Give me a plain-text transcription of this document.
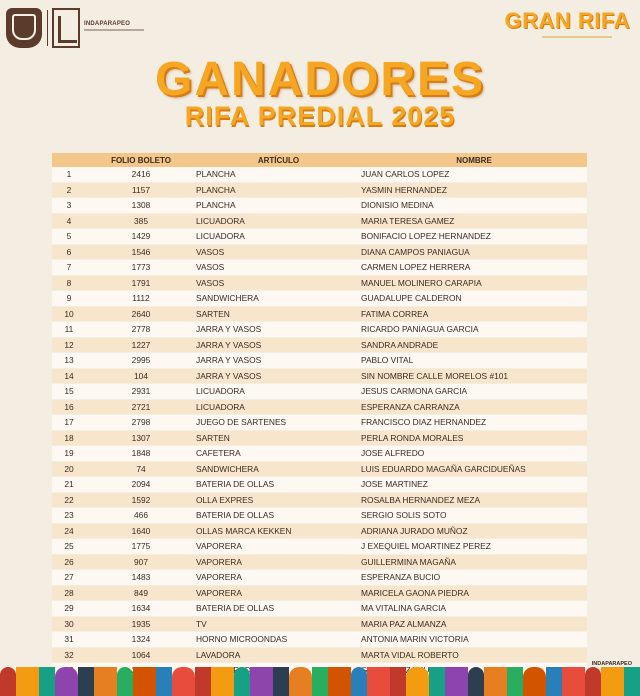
INDAPARAPEO	GRAN RIFA
GANADORES
RIFA PREDIAL 2025
	FOLIO BOLETO	ARTÍCULO	NOMBRE
1	2416	PLANCHA	JUAN CARLOS LOPEZ
2	1157	PLANCHA	YASMIN HERNANDEZ
3	1308	PLANCHA	DIONISIO MEDINA
4	385	LICUADORA	MARIA TERESA GAMEZ
5	1429	LICUADORA	BONIFACIO LOPEZ HERNANDEZ
6	1546	VASOS	DIANA CAMPOS PANIAGUA
7	1773	VASOS	CARMEN LOPEZ HERRERA
8	1791	VASOS	MANUEL MOLINERO CARAPIA
9	1112	SANDWICHERA	GUADALUPE CALDERON
10	2640	SARTEN	FATIMA CORREA
11	2778	JARRA Y VASOS	RICARDO PANIAGUA GARCIA
12	1227	JARRA Y VASOS	SANDRA ANDRADE
13	2995	JARRA Y VASOS	PABLO VITAL
14	104	JARRA Y VASOS	SIN NOMBRE CALLE MORELOS #101
15	2931	LICUADORA	JESUS CARMONA GARCIA
16	2721	LICUADORA	ESPERANZA CARRANZA
17	2798	JUEGO DE SARTENES	FRANCISCO DIAZ HERNANDEZ
18	1307	SARTEN	PERLA RONDA MORALES
19	1848	CAFETERA	JOSE ALFREDO
20	74	SANDWICHERA	LUIS EDUARDO MAGAÑA GARCIDUEÑAS
21	2094	BATERIA DE OLLAS	JOSE MARTINEZ
22	1592	OLLA EXPRES	ROSALBA HERNANDEZ MEZA
23	466	BATERIA DE OLLAS	SERGIO SOLIS SOTO
24	1640	OLLAS MARCA KEKKEN	ADRIANA JURADO MUÑOZ
25	1775	VAPORERA	J EXEQUIEL MOARTINEZ PEREZ
26	907	VAPORERA	GUILLERMINA MAGAÑA
27	1483	VAPORERA	ESPERANZA BUCIO
28	849	VAPORERA	MARICELA GAONA PIEDRA
29	1634	BATERIA DE OLLAS	MA VITALINA GARCIA
30	1935	TV	MARIA PAZ ALMANZA
31	1324	HORNO MICROONDAS	ANTONIA MARIN VICTORIA
32	1064	LAVADORA	MARTA VIDAL ROBERTO

INDAPARAPEO
